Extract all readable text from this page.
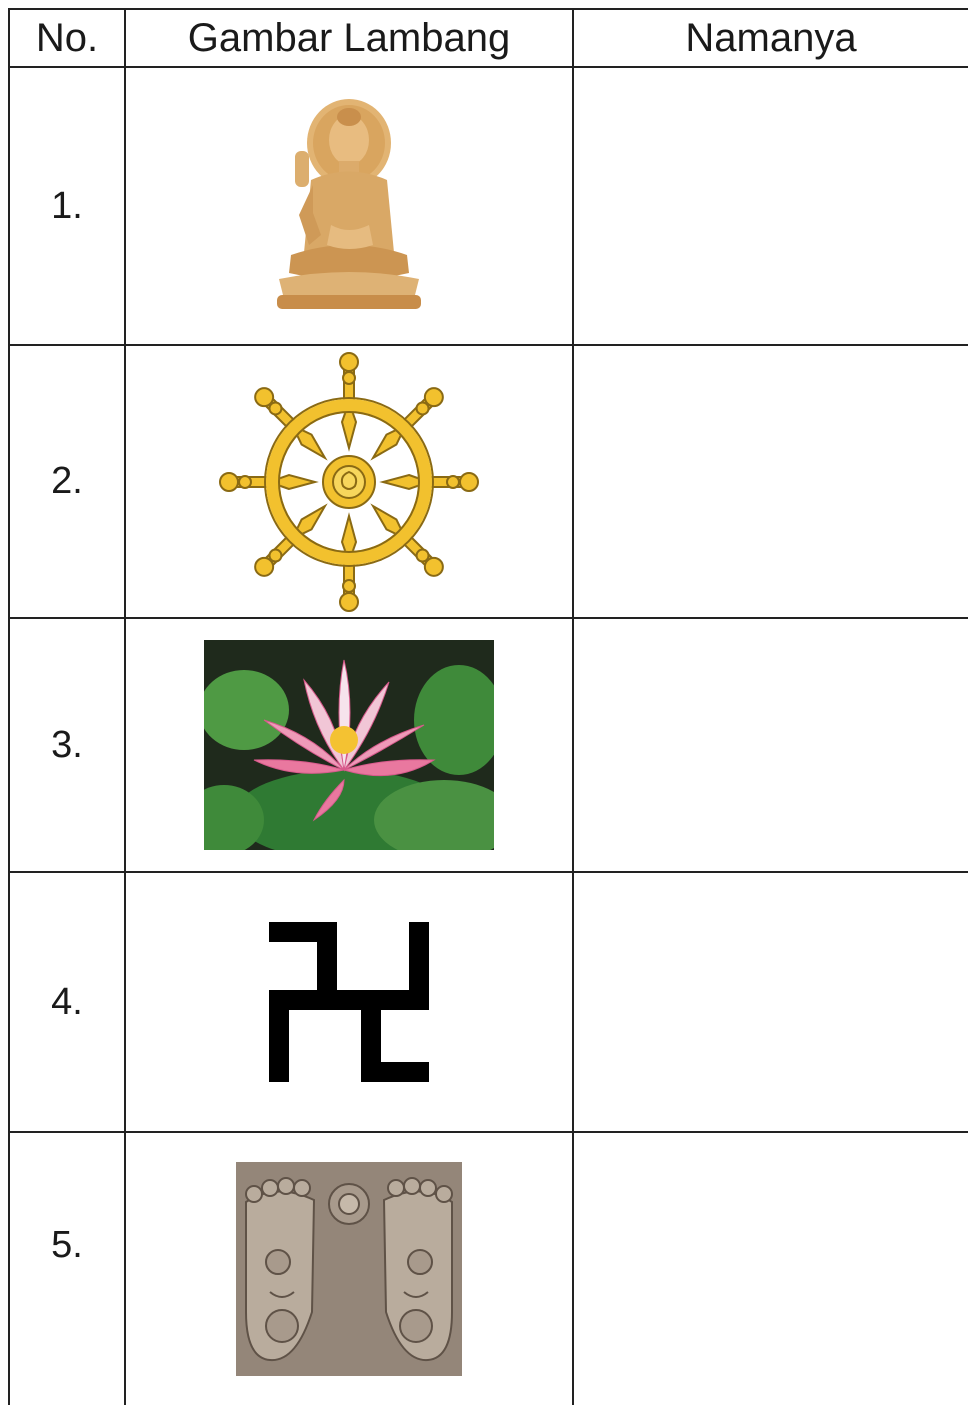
No.	Gambar Lambang	Namanya
1.
2.
3.
4.
5.
